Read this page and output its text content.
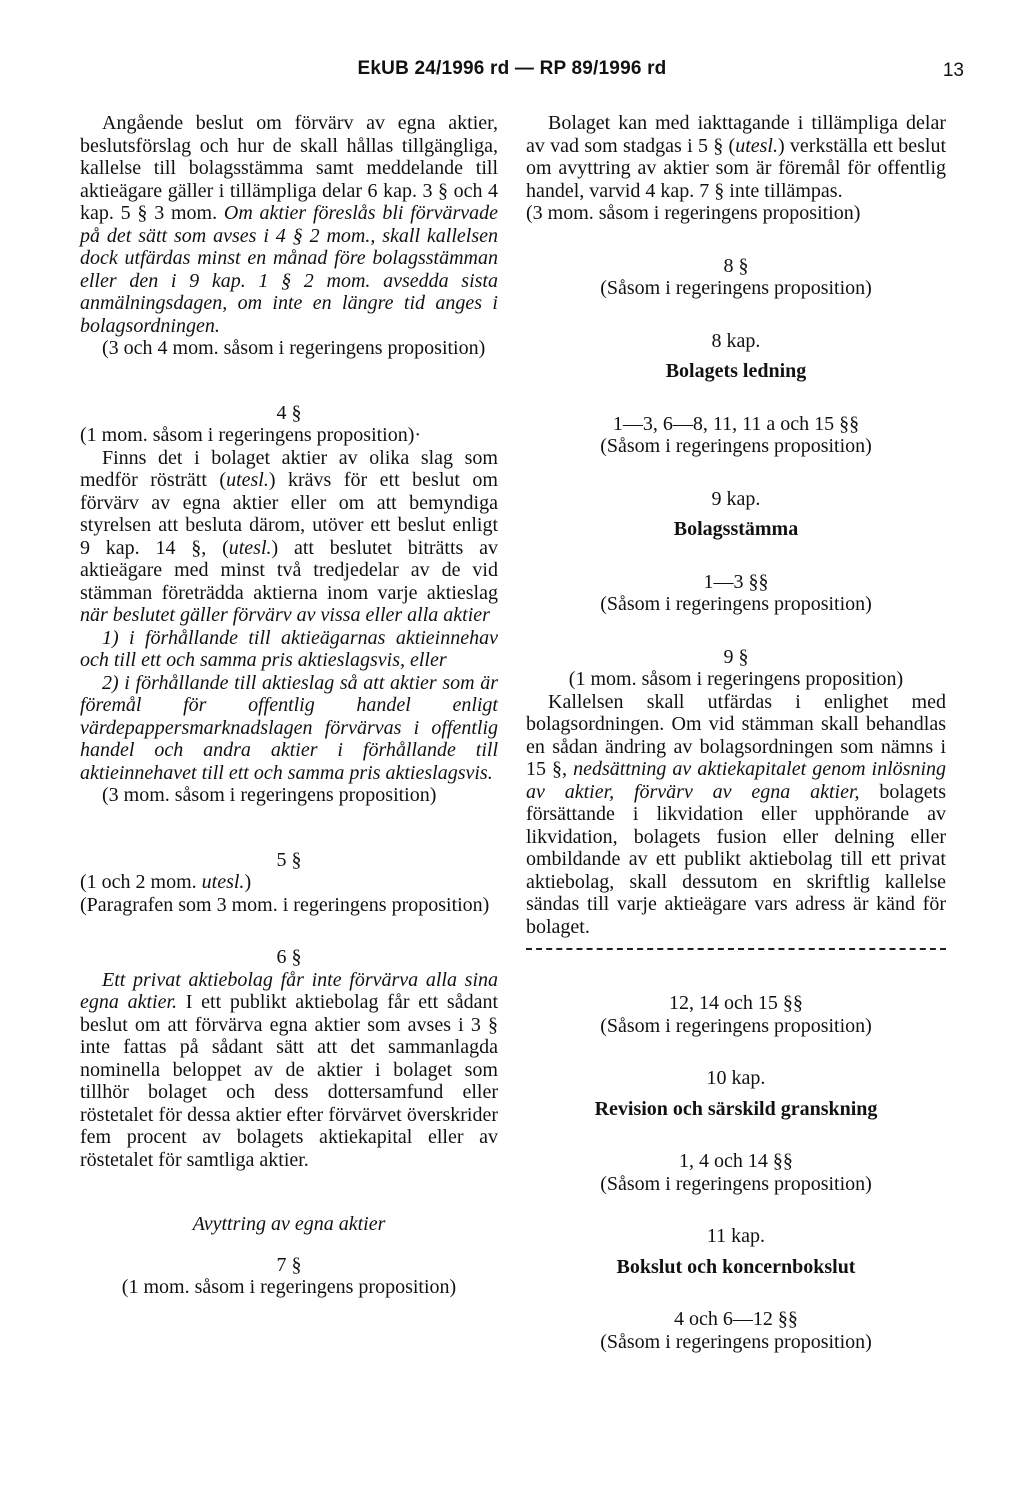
EkUB 24/1996 rd — RP 89/1996 rd	13

Angående beslut om förvärv av egna aktier, beslutsförslag och hur de skall hållas tillgängliga, kallelse till bolagsstämma samt meddelande till aktieägare gäller i tillämpliga delar 6 kap. 3 § och 4 kap. 5 § 3 mom. Om aktier föreslås bli förvärvade på det sätt som avses i 4 § 2 mom., skall kallelsen dock utfärdas minst en månad före bolagsstämman eller den i 9 kap. 1 § 2 mom. avsedda sista anmälningsdagen, om inte en längre tid anges i bolagsordningen.

(3 och 4 mom. såsom i regeringens proposition)

4 §

(1 mom. såsom i regeringens proposition)·

Finns det i bolaget aktier av olika slag som medför rösträtt (utesl.) krävs för ett beslut om förvärv av egna aktier eller om att bemyndiga styrelsen att besluta därom, utöver ett beslut enligt 9 kap. 14 §, (utesl.) att beslutet biträtts av aktieägare med minst två tredjedelar av de vid stämman företrädda aktierna inom varje aktieslag när beslutet gäller förvärv av vissa eller alla aktier

1) i förhållande till aktieägarnas aktieinnehav och till ett och samma pris aktieslagsvis, eller

2) i förhållande till aktieslag så att aktier som är föremål för offentlig handel enligt värdepappersmarknadslagen förvärvas i offentlig handel och andra aktier i förhållande till aktieinnehavet till ett och samma pris aktieslagsvis.

(3 mom. såsom i regeringens proposition)

5 §

(1 och 2 mom. utesl.)

(Paragrafen som 3 mom. i regeringens proposition)

6 §

Ett privat aktiebolag får inte förvärva alla sina egna aktier. I ett publikt aktiebolag får ett sådant beslut om att förvärva egna aktier som avses i 3 § inte fattas på sådant sätt att det sammanlagda nominella beloppet av de aktier i bolaget som tillhör bolaget och dess dottersamfund eller röstetalet för dessa aktier efter förvärvet överskrider fem procent av bolagets aktiekapital eller av röstetalet för samtliga aktier.

Avyttring av egna aktier

7 §

(1 mom. såsom i regeringens proposition)

Bolaget kan med iakttagande i tillämpliga delar av vad som stadgas i 5 § (utesl.) verkställa ett beslut om avyttring av aktier som är föremål för offentlig handel, varvid 4 kap. 7 § inte tillämpas.

(3 mom. såsom i regeringens proposition)

8 §

(Såsom i regeringens proposition)

8 kap.

Bolagets ledning

1—3, 6—8, 11, 11 a och 15 §§

(Såsom i regeringens proposition)

9 kap.

Bolagsstämma

1—3 §§

(Såsom i regeringens proposition)

9 §

(1 mom. såsom i regeringens proposition)

Kallelsen skall utfärdas i enlighet med bolagsordningen. Om vid stämman skall behandlas en sådan ändring av bolagsordningen som nämns i 15 §, nedsättning av aktiekapitalet genom inlösning av aktier, förvärv av egna aktier, bolagets försättande i likvidation eller upphörande av likvidation, bolagets fusion eller delning eller ombildande av ett publikt aktiebolag till ett privat aktiebolag, skall dessutom en skriftlig kallelse sändas till varje aktieägare vars adress är känd för bolaget.

12, 14 och 15 §§

(Såsom i regeringens proposition)

10 kap.

Revision och särskild granskning

1, 4 och 14 §§

(Såsom i regeringens proposition)

11 kap.

Bokslut och koncernbokslut

4 och 6—12 §§

(Såsom i regeringens proposition)
